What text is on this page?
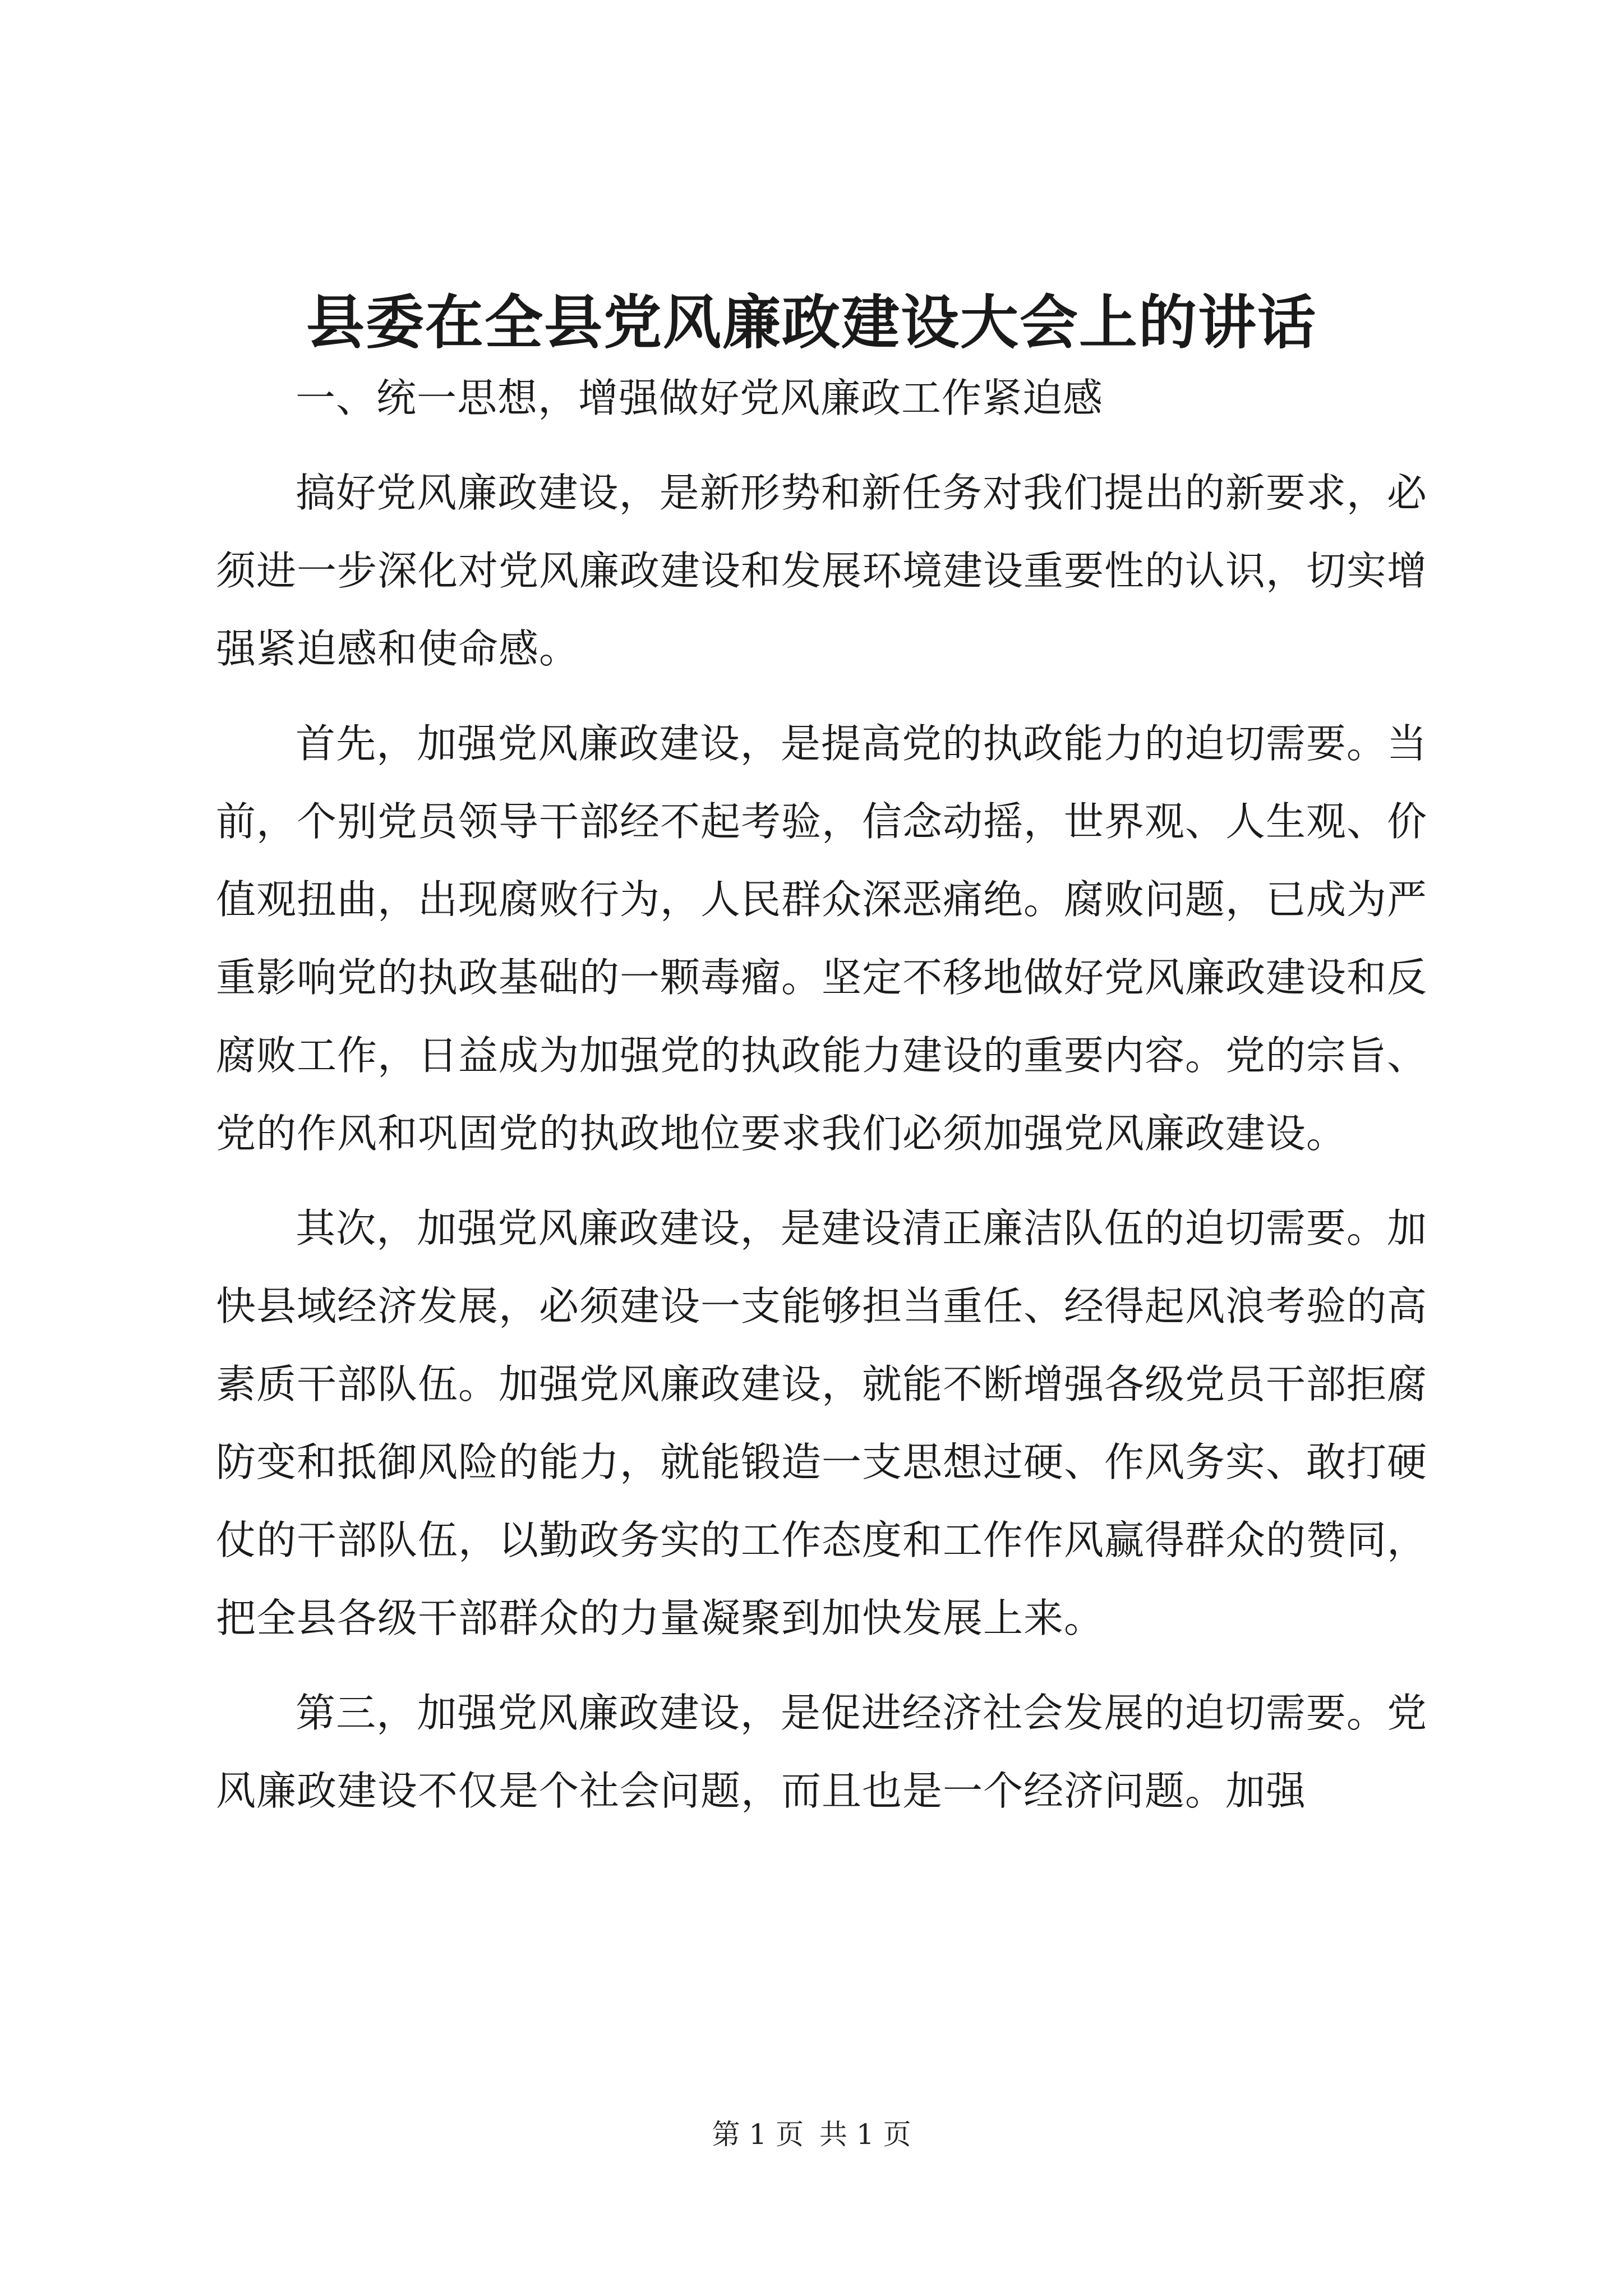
县委在全县党风廉政建设大会上的讲话

一、统一思想，增强做好党风廉政工作紧迫感

搞好党风廉政建设，是新形势和新任务对我们提出的新要求，必须进一步深化对党风廉政建设和发展环境建设重要性的认识，切实增强紧迫感和使命感。

首先，加强党风廉政建设，是提高党的执政能力的迫切需要。当前，个别党员领导干部经不起考验，信念动摇，世界观、人生观、价值观扭曲，出现腐败行为，人民群众深恶痛绝。腐败问题，已成为严重影响党的执政基础的一颗毒瘤。坚定不移地做好党风廉政建设和反腐败工作，日益成为加强党的执政能力建设的重要内容。党的宗旨、党的作风和巩固党的执政地位要求我们必须加强党风廉政建设。

其次，加强党风廉政建设，是建设清正廉洁队伍的迫切需要。加快县域经济发展，必须建设一支能够担当重任、经得起风浪考验的高素质干部队伍。加强党风廉政建设，就能不断增强各级党员干部拒腐防变和抵御风险的能力，就能锻造一支思想过硬、作风务实、敢打硬仗的干部队伍，以勤政务实的工作态度和工作作风赢得群众的赞同，把全县各级干部群众的力量凝聚到加快发展上来。

第三，加强党风廉政建设，是促进经济社会发展的迫切需要。党风廉政建设不仅是个社会问题，而且也是一个经济问题。加强

第 1 页 共 1 页
